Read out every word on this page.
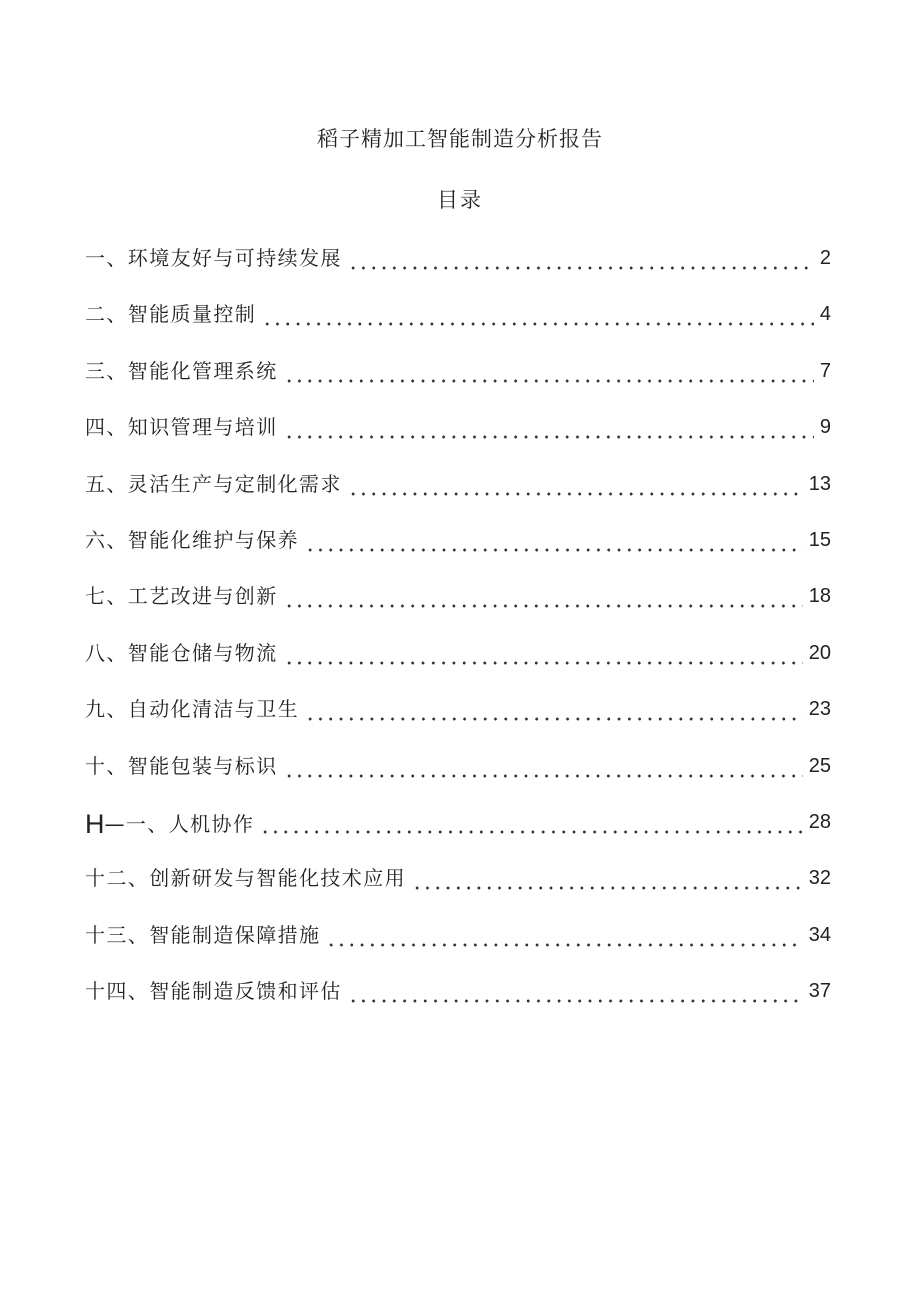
稻子精加工智能制造分析报告
目录
一、环境友好与可持续发展	2
二、智能质量控制	4
三、智能化管理系统	7
四、知识管理与培训	9
五、灵活生产与定制化需求	13
六、智能化维护与保养	15
七、工艺改进与创新	18
八、智能仓储与物流	20
九、自动化清洁与卫生	23
十、智能包装与标识	25
H—一、人机协作	28
十二、创新研发与智能化技术应用	32
十三、智能制造保障措施	34
十四、智能制造反馈和评估	37
